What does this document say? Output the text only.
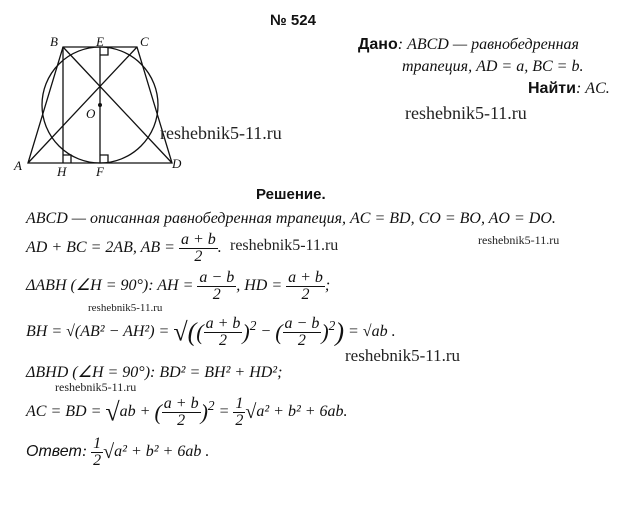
№ 524
B	E	C
O
A	H F
D
Дано: ABCD — равнобедренная
трапеция, AD = a, BC = b.
Найти: AC.
reshebnik5-11.ru
reshebnik5-11.ru
reshebnik5-11.ru	reshebnik5-11.ru
reshebnik5-11.ru
reshebnik5-11.ru
reshebnik5-11.ru
Решение.
ABCD — описанная равнобедренная трапеция, AC = BD, CO = BO, AO = DO.
AD + BC = 2AB, AB = $\frac{a + b}{2}$ .
ΔABH (∠H = 90°): AH = $\frac{a - b}{2}$ , HD = $\frac{a + b}{2}$ ;
BH = √(AB² − AH²) = √(( $\frac{a + b}{2} )^2$ − ( $\frac{a - b}{2} )^2) = √ab$ .
ΔBHD (∠H = 90°): BD² = BH² + HD²;
AC = BD = √ab + ( $\frac{a + b}{2} )^2 = \frac{1}{2} √a^2 + b^2 + 6ab$.
Ответ: $\frac{1}{2} √a^2 + b^2 + 6ab$ .
